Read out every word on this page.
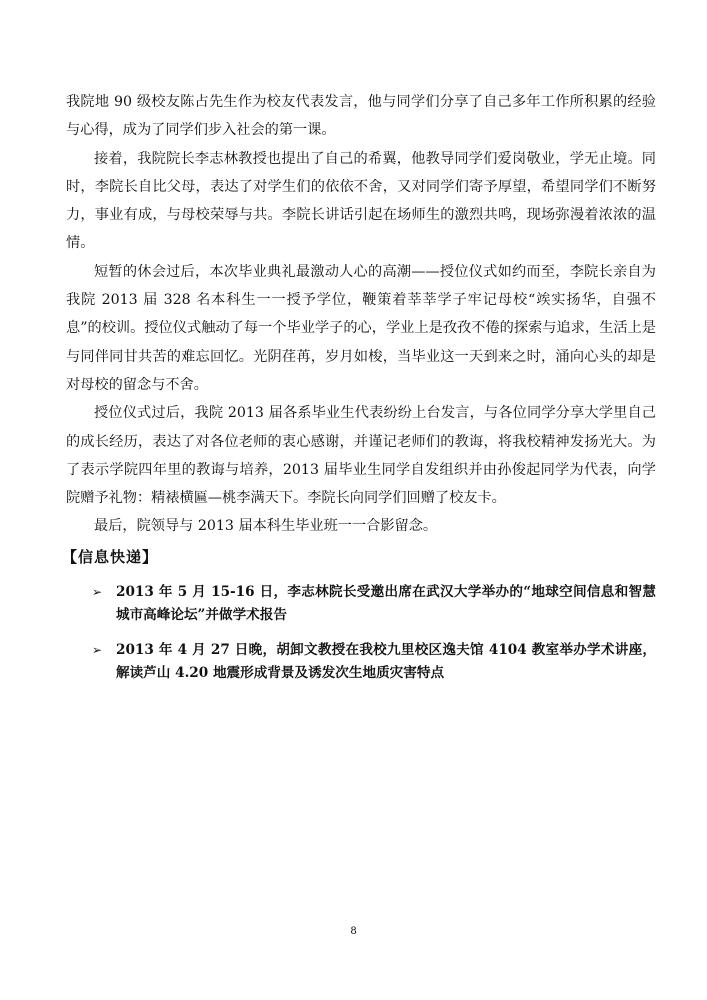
我院地 90 级校友陈占先生作为校友代表发言，他与同学们分享了自己多年工作所积累的经验与心得，成为了同学们步入社会的第一课。

接着，我院院长李志林教授也提出了自己的希翼，他教导同学们爱岗敬业，学无止境。同时，李院长自比父母，表达了对学生们的依依不舍，又对同学们寄予厚望，希望同学们不断努力，事业有成，与母校荣辱与共。李院长讲话引起在场师生的激烈共鸣，现场弥漫着浓浓的温情。

短暂的休会过后，本次毕业典礼最激动人心的高潮——授位仪式如约而至，李院长亲自为我院 2013 届 328 名本科生一一授予学位，鞭策着莘莘学子牢记母校“竢实扬华，自强不息”的校训。授位仪式触动了每一个毕业学子的心，学业上是孜孜不倦的探索与追求，生活上是与同伴同甘共苦的难忘回忆。光阴荏苒，岁月如梭，当毕业这一天到来之时，涌向心头的却是对母校的留念与不舍。

授位仪式过后，我院 2013 届各系毕业生代表纷纷上台发言，与各位同学分享大学里自己的成长经历，表达了对各位老师的衷心感谢，并谨记老师们的教诲，将我校精神发扬光大。为了表示学院四年里的教诲与培养，2013 届毕业生同学自发组织并由孙俊起同学为代表，向学院赠予礼物：精裱横匾—桃李满天下。李院长向同学们回赠了校友卡。

最后，院领导与 2013 届本科生毕业班一一合影留念。

【信息快递】
➢	2013 年 5 月 15-16 日，李志林院长受邀出席在武汉大学举办的“地球空间信息和智慧城市高峰论坛”并做学术报告
➢	2013 年 4 月 27 日晚，胡卸文教授在我校九里校区逸夫馆 4104 教室举办学术讲座，解读芦山 4.20 地震形成背景及诱发次生地质灾害特点
8
